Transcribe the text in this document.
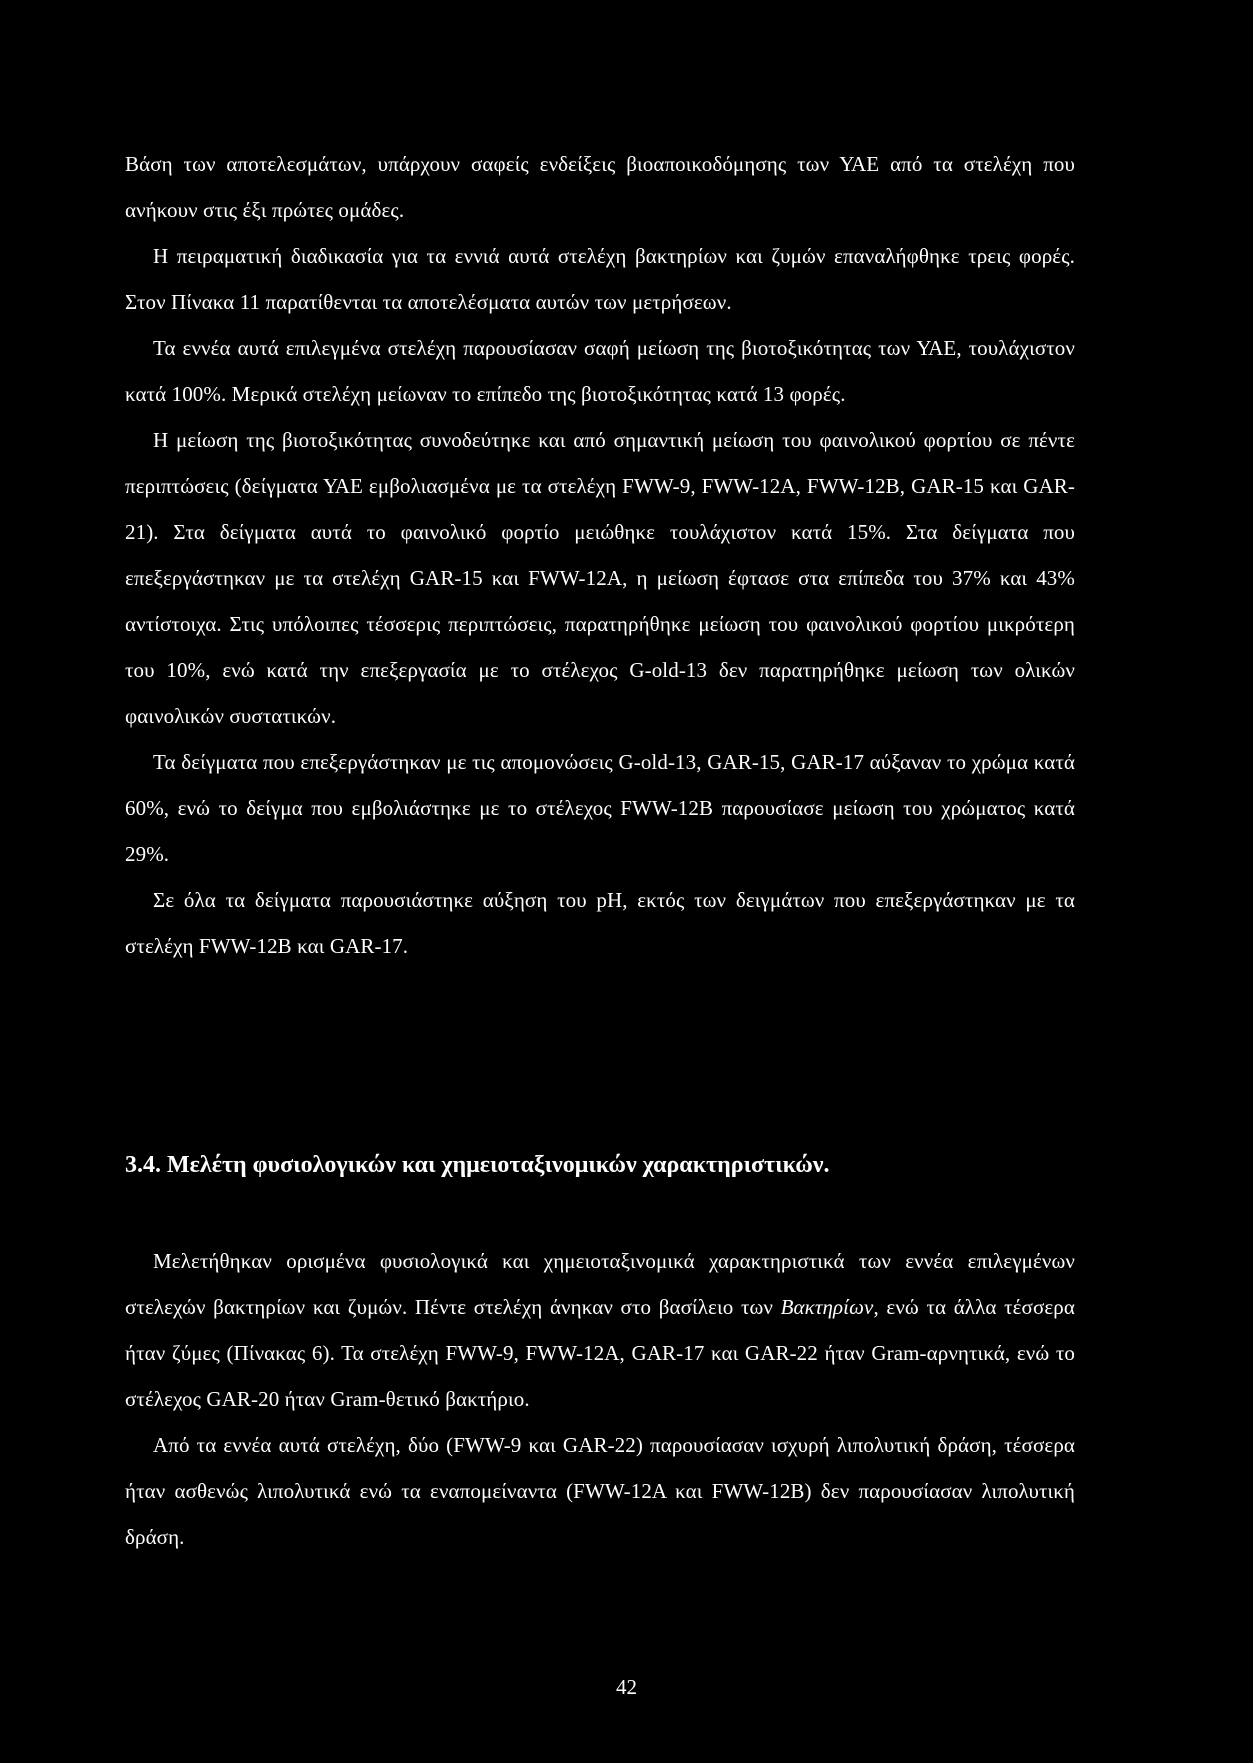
Βάση των αποτελεσμάτων, υπάρχουν σαφείς ενδείξεις βιοαποικοδόμησης των ΥΑΕ από τα στελέχη που ανήκουν στις έξι πρώτες ομάδες.

Η πειραματική διαδικασία για τα εννιά αυτά στελέχη βακτηρίων και ζυμών επαναλήφθηκε τρεις φορές. Στον Πίνακα 11 παρατίθενται τα αποτελέσματα αυτών των μετρήσεων.

Τα εννέα αυτά επιλεγμένα στελέχη παρουσίασαν σαφή μείωση της βιοτοξικότητας των ΥΑΕ, τουλάχιστον κατά 100%. Μερικά στελέχη μείωναν το επίπεδο της βιοτοξικότητας κατά 13 φορές.

Η μείωση της βιοτοξικότητας συνοδεύτηκε και από σημαντική μείωση του φαινολικού φορτίου σε πέντε περιπτώσεις (δείγματα ΥΑΕ εμβολιασμένα με τα στελέχη FWW-9, FWW-12A, FWW-12B, GAR-15 και GAR-21). Στα δείγματα αυτά το φαινολικό φορτίο μειώθηκε τουλάχιστον κατά 15%. Στα δείγματα που επεξεργάστηκαν με τα στελέχη GAR-15 και FWW-12A, η μείωση έφτασε στα επίπεδα του 37% και 43% αντίστοιχα. Στις υπόλοιπες τέσσερις περιπτώσεις, παρατηρήθηκε μείωση του φαινολικού φορτίου μικρότερη του 10%, ενώ κατά την επεξεργασία με το στέλεχος G-old-13 δεν παρατηρήθηκε μείωση των ολικών φαινολικών συστατικών.

Τα δείγματα που επεξεργάστηκαν με τις απομονώσεις G-old-13, GAR-15, GAR-17 αύξαναν το χρώμα κατά 60%, ενώ το δείγμα που εμβολιάστηκε με το στέλεχος FWW-12B παρουσίασε μείωση του χρώματος κατά 29%.

Σε όλα τα δείγματα παρουσιάστηκε αύξηση του pH, εκτός των δειγμάτων που επεξεργάστηκαν με τα στελέχη FWW-12B και GAR-17.

3.4. Μελέτη φυσιολογικών και χημειοταξινομικών χαρακτηριστικών.

Μελετήθηκαν ορισμένα φυσιολογικά και χημειοταξινομικά χαρακτηριστικά των εννέα επιλεγμένων στελεχών βακτηρίων και ζυμών. Πέντε στελέχη άνηκαν στο βασίλειο των Βακτηρίων, ενώ τα άλλα τέσσερα ήταν ζύμες (Πίνακας 6). Τα στελέχη FWW-9, FWW-12A, GAR-17 και GAR-22 ήταν Gram-αρνητικά, ενώ το στέλεχος GAR-20 ήταν Gram-θετικό βακτήριο.

Από τα εννέα αυτά στελέχη, δύο (FWW-9 και GAR-22) παρουσίασαν ισχυρή λιπολυτική δράση, τέσσερα ήταν ασθενώς λιπολυτικά ενώ τα εναπομείναντα (FWW-12A και FWW-12B) δεν παρουσίασαν λιπολυτική δράση.

42
